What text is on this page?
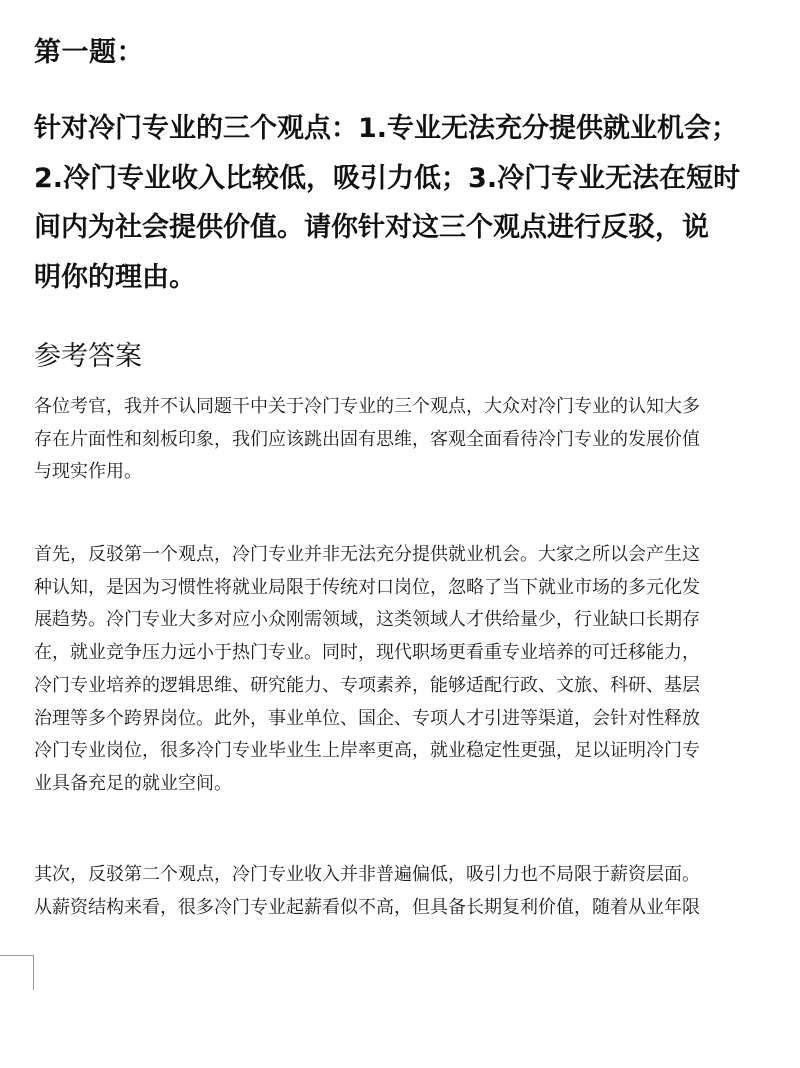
第一题：
针对冷门专业的三个观点：1.专业无法充分提供就业机会；
2.冷门专业收入比较低，吸引力低；3.冷门专业无法在短时
间内为社会提供价值。请你针对这三个观点进行反驳，说
明你的理由。
参考答案
各位考官，我并不认同题干中关于冷门专业的三个观点，大众对冷门专业的认知大多
存在片面性和刻板印象，我们应该跳出固有思维，客观全面看待冷门专业的发展价值
与现实作用。
首先，反驳第一个观点，冷门专业并非无法充分提供就业机会。大家之所以会产生这
种认知，是因为习惯性将就业局限于传统对口岗位，忽略了当下就业市场的多元化发
展趋势。冷门专业大多对应小众刚需领域，这类领域人才供给量少，行业缺口长期存
在，就业竞争压力远小于热门专业。同时，现代职场更看重专业培养的可迁移能力，
冷门专业培养的逻辑思维、研究能力、专项素养，能够适配行政、文旅、科研、基层
治理等多个跨界岗位。此外，事业单位、国企、专项人才引进等渠道，会针对性释放
冷门专业岗位，很多冷门专业毕业生上岸率更高，就业稳定性更强，足以证明冷门专
业具备充足的就业空间。
其次，反驳第二个观点，冷门专业收入并非普遍偏低，吸引力也不局限于薪资层面。
从薪资结构来看，很多冷门专业起薪看似不高，但具备长期复利价值，随着从业年限
